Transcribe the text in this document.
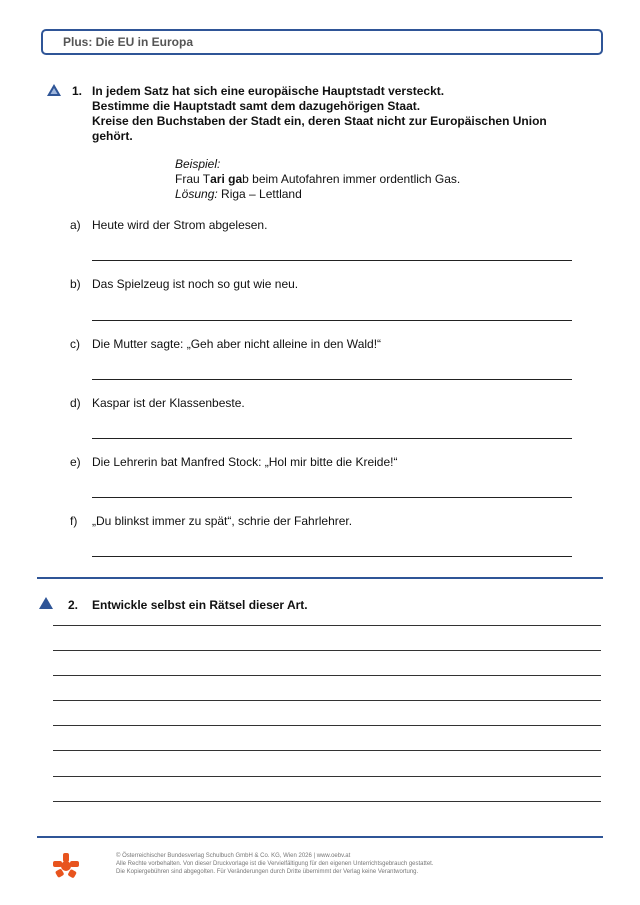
Plus: Die EU in Europa
1. In jedem Satz hat sich eine europäische Hauptstadt versteckt.
Bestimme die Hauptstadt samt dem dazugehörigen Staat.
Kreise den Buchstaben der Stadt ein, deren Staat nicht zur Europäischen Union
gehört.
Beispiel:
Frau Tari gab beim Autofahren immer ordentlich Gas.
Lösung: Riga – Lettland
a) Heute wird der Strom abgelesen.
b) Das Spielzeug ist noch so gut wie neu.
c) Die Mutter sagte: „Geh aber nicht alleine in den Wald!“
d) Kaspar ist der Klassenbeste.
e) Die Lehrerin bat Manfred Stock: „Hol mir bitte die Kreide!“
f) „Du blinkst immer zu spät“, schrie der Fahrlehrer.
2. Entwickle selbst ein Rätsel dieser Art.
© Österreichischer Bundesverlag Schulbuch GmbH & Co. KG, Wien 2026 | www.oebv.at
Alle Rechte vorbehalten. Von dieser Druckvorlage ist die Vervielfältigung für den eigenen Unterrichtsgebrauch gestattet.
Die Kopiergebühren sind abgegolten. Für Veränderungen durch Dritte übernimmt der Verlag keine Verantwortung.
